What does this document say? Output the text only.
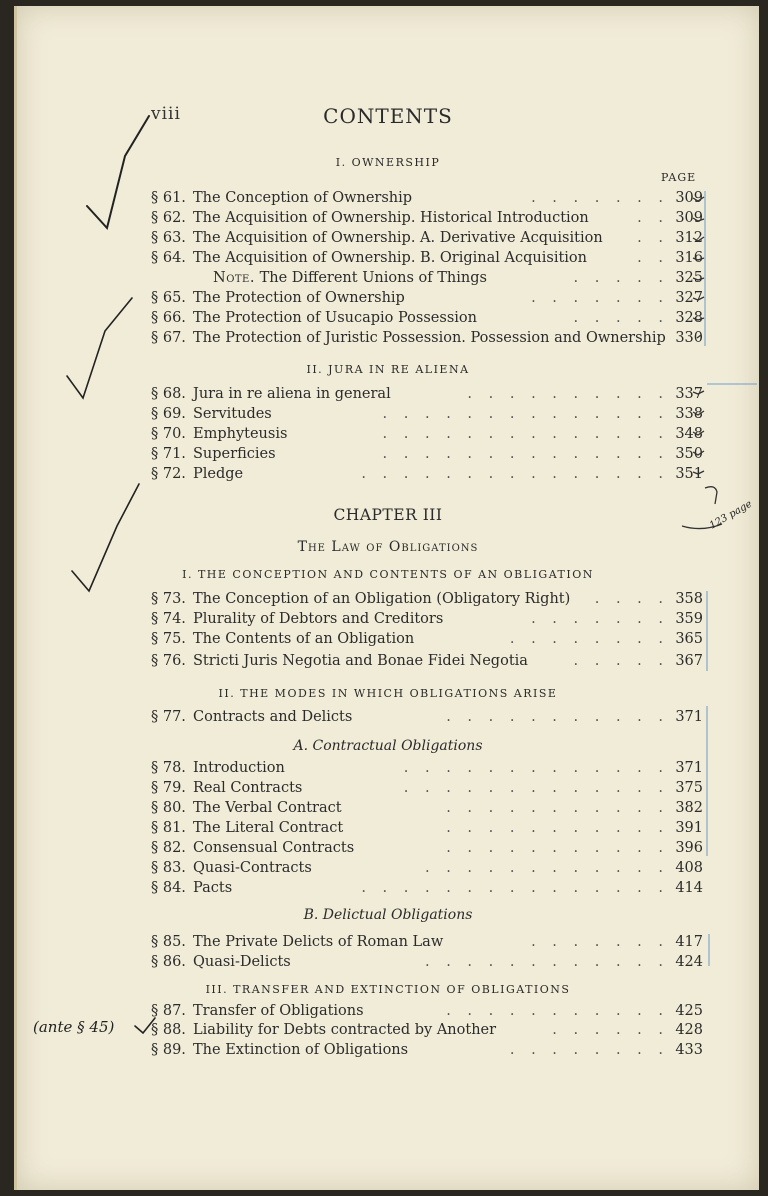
viii	CONTENTS
PAGE
I. OWNERSHIP
II. JURA IN RE ALIENA
CHAPTER III
The Law of Obligations
I. THE CONCEPTION AND CONTENTS OF AN OBLIGATION
II. THE MODES IN WHICH OBLIGATIONS ARISE
A. Contractual Obligations
B. Delictual Obligations
III. TRANSFER AND EXTINCTION OF OBLIGATIONS
§ 61. The Conception of Ownership	. . . . . . . 309
§ 62. The Acquisition of Ownership. Historical Introduction	. . 309
§ 63. The Acquisition of Ownership. A. Derivative Acquisition . . 312
§ 64. The Acquisition of Ownership. B. Original Acquisition	. . 316
Note. The Different Unions of Things	. . . . . 325
§ 65. The Protection of Ownership	. . . . . . . 327
§ 66. The Protection of Usucapio Possession	. . . . . 328
§ 67. The Protection of Juristic Possession. Possession and Ownership 330
§ 68. Jura in re aliena in general	. . . . . . . . . . 337
§ 69. Servitudes	. . . . . . . . . . . . . . 338
§ 70. Emphyteusis	. . . . . . . . . . . . . . 348
§ 71. Superficies	. . . . . . . . . . . . . . 350
§ 72. Pledge	. . . . . . . . . . . . . . . 351
§ 73. The Conception of an Obligation (Obligatory Right) . . . . 358
§ 74. Plurality of Debtors and Creditors	. . . . . . . 359
§ 75. The Contents of an Obligation	. . . . . . . . 365
§ 76. Stricti Juris Negotia and Bonae Fidei Negotia	. . . . . 367
§ 77. Contracts and Delicts	. . . . . . . . . . . 371
§ 78. Introduction	. . . . . . . . . . . . . 371
§ 79. Real Contracts	. . . . . . . . . . . . . 375
§ 80. The Verbal Contract	. . . . . . . . . . . 382
§ 81. The Literal Contract	. . . . . . . . . . . 391
§ 82. Consensual Contracts	. . . . . . . . . . . 396
§ 83. Quasi-Contracts	. . . . . . . . . . . . 408
§ 84. Pacts	. . . . . . . . . . . . . . . 414
§ 85. The Private Delicts of Roman Law	. . . . . . . 417
§ 86. Quasi-Delicts	. . . . . . . . . . . . 424
§ 87. Transfer of Obligations	. . . . . . . . . . . 425
§ 88. Liability for Debts contracted by Another	. . . . . . 428
§ 89. The Extinction of Obligations	. . . . . . . . 433
(ante § 45)
123 page
